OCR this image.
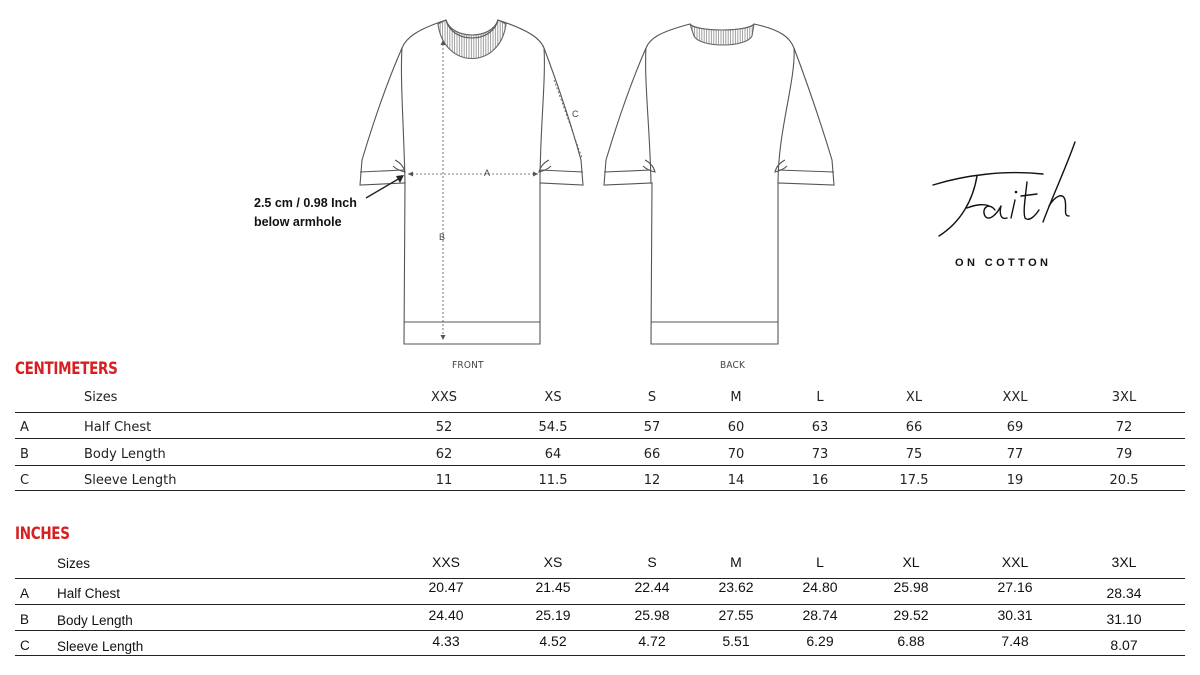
A
B
C
FRONT	BACK
2.5 cm / 0.98 Inch
below armhole
ON COTTON
CENTIMETERS
Sizes	XXS	XS	S	M	L	XL	XXL	3XL
A	Half Chest	52	54.5	57	60	63	66	69	72
B	Body Length	62	64	66	70	73	75	77	79
C	Sleeve Length	11	11.5	12	14	16	17.5	19	20.5
INCHES
Sizes	XXS	XS	S	M	L	XL	XXL	3XL
A Half Chest	20.47	21.45	22.44	23.62	24.80	25.98	27.16	28.34
B Body Length	24.40	25.19	25.98	27.55	28.74	29.52	30.31	31.10
C Sleeve Length	4.33	4.52	4.72	5.51	6.29	6.88	7.48	8.07
